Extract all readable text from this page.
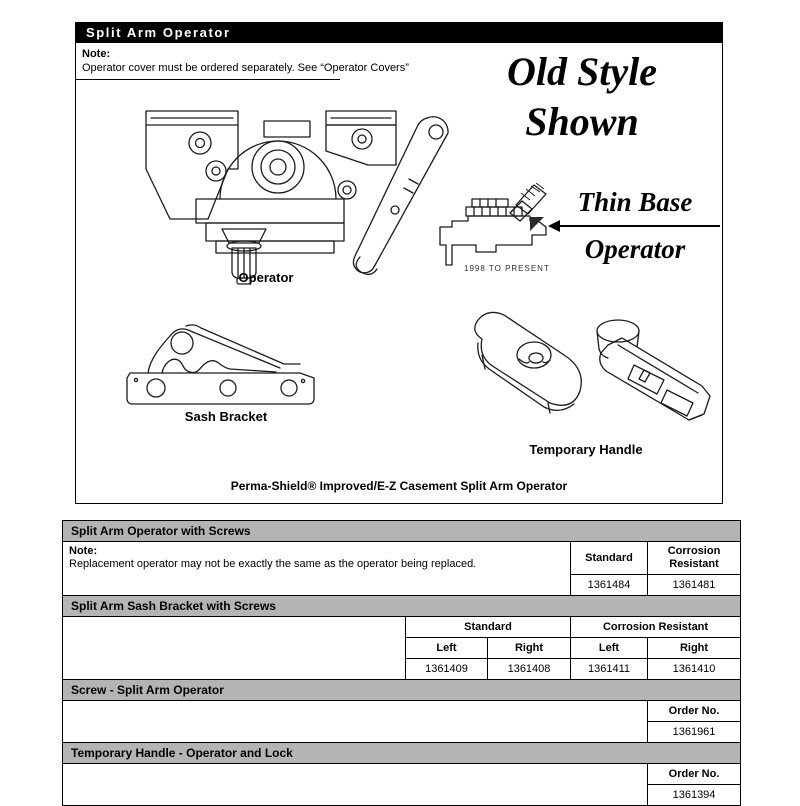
Split Arm Operator
Note:
Operator cover must be ordered separately. See “Operator Covers”	Old Style
Shown
Operator
1998 TO PRESENT
Thin Base
Operator
Sash Bracket
Temporary Handle
Perma-Shield® Improved/E-Z Casement Split Arm Operator
Split Arm Operator with Screws				
Note:
Replacement operator may not be exactly the same as the operator being replaced.			Standard	Corrosion Resistant
			1361484	1361481
Split Arm Sash Bracket with Screws				
	Standard		Corrosion Resistant	
	Left	Right	Left	Right
	1361409	1361408	1361411	1361410
Screw - Split Arm Operator				
				Order No.
				1361961
Temporary Handle - Operator and Lock				
				Order No.
				1361394
